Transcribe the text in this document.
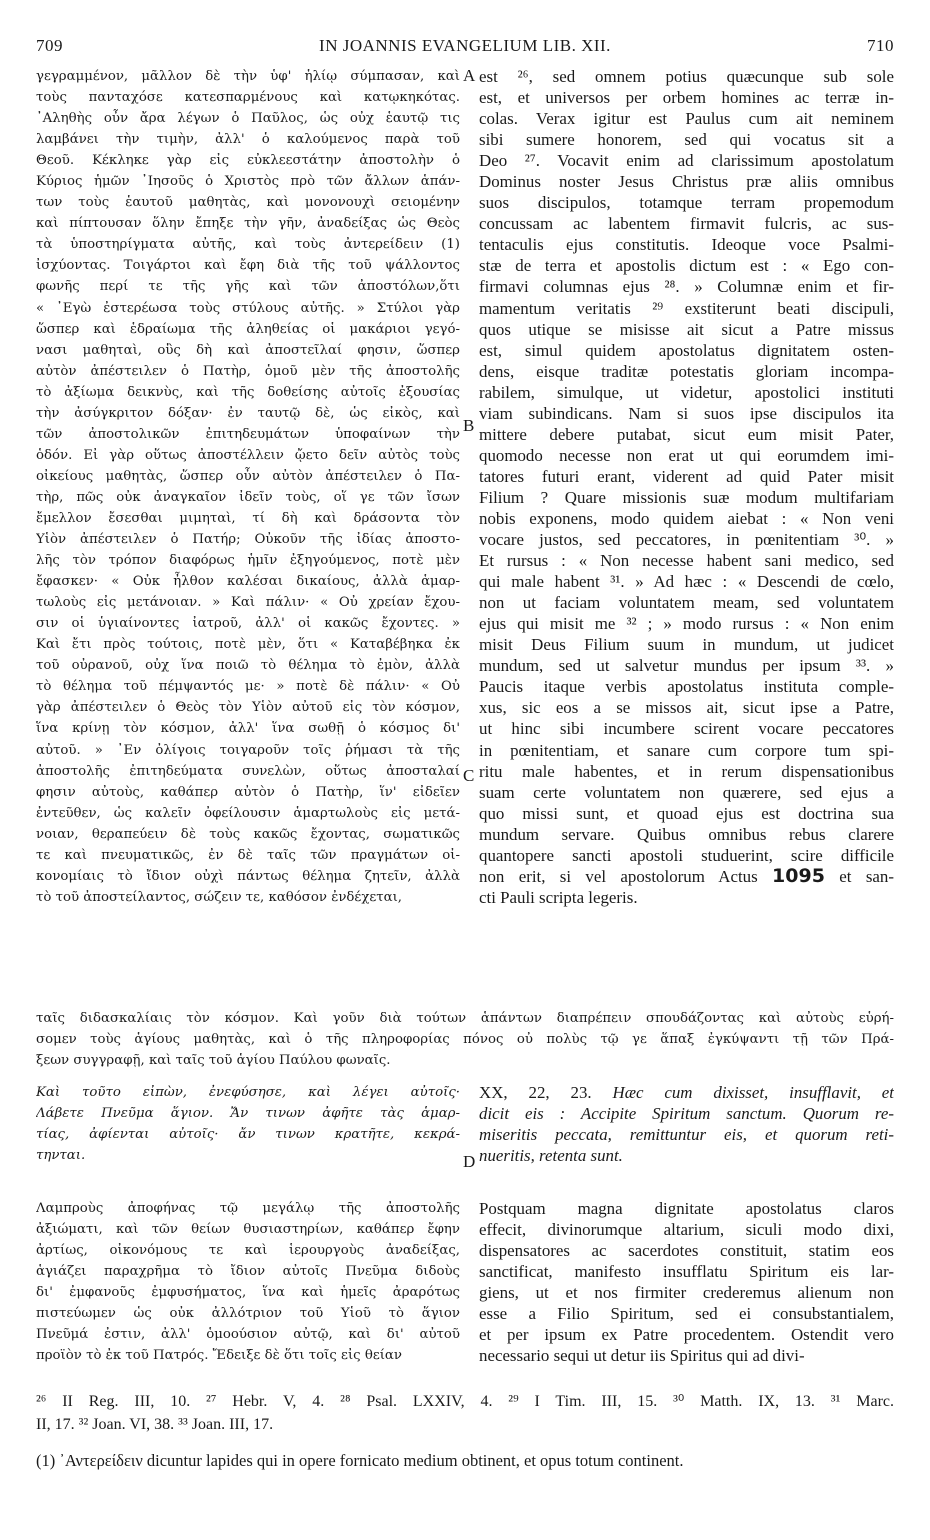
709	IN JOANNIS EVANGELIUM LIB. XII.	710
γεγραμμένον, μᾶλλον δὲ τὴν ὑφ' ἡλίῳ σύμπασαν, καὶ
τοὺς πανταχόσε κατεσπαρμένους καὶ κατῳκηκότας.
᾿Αληθὴς οὖν ἄρα λέγων ὁ Παῦλος, ὡς οὐχ ἑαυτῷ τις
λαμβάνει τὴν τιμὴν, ἀλλ' ὁ καλούμενος παρὰ τοῦ
Θεοῦ. Κέκληκε γὰρ εἰς εὐκλεεστάτην ἀποστολὴν ὁ
Κύριος ἡμῶν ᾿Ιησοῦς ὁ Χριστὸς πρὸ τῶν ἄλλων ἁπάν-
των τοὺς ἑαυτοῦ μαθητὰς, καὶ μονονουχὶ σειομένην
καὶ πίπτουσαν ὅλην ἔπηξε τὴν γῆν, ἀναδείξας ὡς Θεὸς
τὰ ὑποστηρίγματα αὐτῆς, καὶ τοὺς ἀντερείδειν (1)
ἰσχύοντας. Τοιγάρτοι καὶ ἔφη διὰ τῆς τοῦ ψάλλοντος
φωνῆς περί τε τῆς γῆς καὶ τῶν ἀποστόλων,ὅτι
« ᾿Εγὼ ἐστερέωσα τοὺς στύλους αὐτῆς. » Στύλοι γὰρ
ὥσπερ καὶ ἑδραίωμα τῆς ἀληθείας οἱ μακάριοι γεγό-
νασι μαθηταὶ, οὓς δὴ καὶ ἀποστεῖλαί φησιν, ὥσπερ
αὐτὸν ἀπέστειλεν ὁ Πατὴρ, ὁμοῦ μὲν τῆς ἀποστολῆς
τὸ ἀξίωμα δεικνὺς, καὶ τῆς δοθείσης αὐτοῖς ἐξουσίας
τὴν ἀσύγκριτον δόξαν· ἐν ταυτῷ δὲ, ὡς εἰκὸς, καὶ
τῶν ἀποστολικῶν ἐπιτηδευμάτων ὑποφαίνων τὴν
ὁδόν. Εἰ γὰρ οὕτως ἀποστέλλειν ᾤετο δεῖν αὐτὸς τοὺς
οἰκείους μαθητὰς, ὥσπερ οὖν αὐτὸν ἀπέστειλεν ὁ Πα-
τὴρ, πῶς οὐκ ἀναγκαῖον ἰδεῖν τοὺς, οἵ γε τῶν ἴσων
ἔμελλον ἔσεσθαι μιμηταὶ, τί δὴ καὶ δράσοντα τὸν
Υἱὸν ἀπέστειλεν ὁ Πατήρ; Οὐκοῦν τῆς ἰδίας ἀποστο-
λῆς τὸν τρόπον διαφόρως ἡμῖν ἐξηγούμενος, ποτὲ μὲν
ἔφασκεν· « Οὐκ ἦλθον καλέσαι δικαίους, ἀλλὰ ἁμαρ-
τωλοὺς εἰς μετάνοιαν. » Καὶ πάλιν· « Οὐ χρείαν ἔχου-
σιν οἱ ὑγιαίνοντες ἰατροῦ, ἀλλ' οἱ κακῶς ἔχοντες. »
Καὶ ἔτι πρὸς τούτοις, ποτὲ μὲν, ὅτι « Καταβέβηκα ἐκ
τοῦ οὐρανοῦ, οὐχ ἵνα ποιῶ τὸ θέλημα τὸ ἐμὸν, ἀλλὰ
τὸ θέλημα τοῦ πέμψαντός με· » ποτὲ δὲ πάλιν· « Οὐ
γὰρ ἀπέστειλεν ὁ Θεὸς τὸν Υἱὸν αὐτοῦ εἰς τὸν κόσμον,
ἵνα κρίνῃ τὸν κόσμον, ἀλλ' ἵνα σωθῇ ὁ κόσμος δι'
αὐτοῦ. » ᾿Εν ὀλίγοις τοιγαροῦν τοῖς ῥήμασι τὰ τῆς
ἀποστολῆς ἐπιτηδεύματα συνελὼν, οὕτως ἀποσταλαί
φησιν αὐτοὺς, καθάπερ αὐτὸν ὁ Πατὴρ, ἵν' εἰδεῖεν
ἐντεῦθεν, ὡς καλεῖν ὀφείλουσιν ἁμαρτωλοὺς εἰς μετά-
νοιαν, θεραπεύειν δὲ τοὺς κακῶς ἔχοντας, σωματικῶς
τε καὶ πνευματικῶς, ἐν δὲ ταῖς τῶν πραγμάτων οἰ-
κονομίαις τὸ ἴδιον οὐχὶ πάντως θέλημα ζητεῖν, ἀλλὰ
τὸ τοῦ ἀποστείλαντος, σώζειν τε, καθόσον ἐνδέχεται,
est ²⁶, sed omnem potius quæcunque sub sole
est, et universos per orbem homines ac terræ in-
colas. Verax igitur est Paulus cum ait neminem
sibi sumere honorem, sed qui vocatus sit a
Deo ²⁷. Vocavit enim ad clarissimum apostolatum
Dominus noster Jesus Christus præ aliis omnibus
suos discipulos, totamque terram propemodum
concussam ac labentem firmavit fulcris, ac sus-
tentaculis ejus constitutis. Ideoque voce Psalmi-
stæ de terra et apostolis dictum est : « Ego con-
firmavi columnas ejus ²⁸. » Columnæ enim et fir-
mamentum veritatis ²⁹ exstiterunt beati discipuli,
quos utique se misisse ait sicut a Patre missus
est, simul quidem apostolatus dignitatem osten-
dens, eisque traditæ potestatis gloriam incompa-
rabilem, simulque, ut videtur, apostolici instituti
viam subindicans. Nam si suos ipse discipulos ita
mittere debere putabat, sicut eum misit Pater,
quomodo necesse non erat ut qui eorumdem imi-
tatores futuri erant, viderent ad quid Pater misit
Filium ? Quare missionis suæ modum multifariam
nobis exponens, modo quidem aiebat : « Non veni
vocare justos, sed peccatores, in pœnitentiam ³⁰. »
Et rursus : « Non necesse habent sani medico, sed
qui male habent ³¹. » Ad hæc : « Descendi de cœlo,
non ut faciam voluntatem meam, sed voluntatem
ejus qui misit me ³² ; » modo rursus : « Non enim
misit Deus Filium suum in mundum, ut judicet
mundum, sed ut salvetur mundus per ipsum ³³. »
Paucis itaque verbis apostolatus instituta comple-
xus, sic eos a se missos ait, sicut ipse a Patre,
ut hinc sibi incumbere scirent vocare peccatores
in pœnitentiam, et sanare cum corpore tum spi-
ritu male habentes, et in rerum dispensationibus
suam certe voluntatem non quærere, sed ejus a
quo missi sunt, et quoad ejus est doctrina sua
mundum servare. Quibus omnibus rebus clarere
quantopere sancti apostoli studuerint, scire difficile
non erit, si vel apostolorum Actus 1095 et san-
cti Pauli scripta legeris.
A
B
C
D
ταῖς διδασκαλίαις τὸν κόσμον. Καὶ γοῦν διὰ τούτων ἁπάντων διαπρέπειν σπουδάζοντας καὶ αὐτοὺς εὑρή-
σομεν τοὺς ἁγίους μαθητὰς, καὶ ὁ τῆς πληροφορίας πόνος οὐ πολὺς τῷ γε ἅπαξ ἐγκύψαντι τῇ τῶν Πρά-
ξεων συγγραφῇ, καὶ ταῖς τοῦ ἁγίου Παύλου φωναῖς.
Καὶ τοῦτο εἰπὼν, ἐνεφύσησε, καὶ λέγει αὐτοῖς·
Λάβετε Πνεῦμα ἅγιον. Ἄν τινων ἀφῆτε τὰς ἁμαρ-
τίας, ἀφίενται αὐτοῖς· ἄν τινων κρατῆτε, κεκρά-
τηνται.
XX, 22, 23. Hæc cum dixisset, insufflavit, et
dicit eis : Accipite Spiritum sanctum. Quorum re-
miseritis peccata, remittuntur eis, et quorum reti-
nueritis, retenta sunt.
Λαμπροὺς ἀποφήνας τῷ μεγάλῳ τῆς ἀποστολῆς
ἀξιώματι, καὶ τῶν θείων θυσιαστηρίων, καθάπερ ἔφην
ἀρτίως, οἰκονόμους τε καὶ ἱερουργοὺς ἀναδείξας,
ἁγιάζει παραχρῆμα τὸ ἴδιον αὐτοῖς Πνεῦμα διδοὺς
δι' ἐμφανοῦς ἐμφυσήματος, ἵνα καὶ ἡμεῖς ἀραρότως
πιστεύωμεν ὡς οὐκ ἀλλότριον τοῦ Υἱοῦ τὸ ἅγιον
Πνεῦμά ἐστιν, ἀλλ' ὁμοούσιον αὐτῷ, καὶ δι' αὐτοῦ
προϊὸν τὸ ἐκ τοῦ Πατρός. Ἔδειξε δὲ ὅτι τοῖς εἰς θείαν
Postquam magna dignitate apostolatus claros
effecit, divinorumque altarium, siculi modo dixi,
dispensatores ac sacerdotes constituit, statim eos
sanctificat, manifesto insufflatu Spiritum eis lar-
giens, ut et nos firmiter crederemus alienum non
esse a Filio Spiritum, sed ei consubstantialem,
et per ipsum ex Patre procedentem. Ostendit vero
necessario sequi ut detur iis Spiritus qui ad divi-
²⁶ II Reg. III, 10. ²⁷ Hebr. V, 4. ²⁸ Psal. LXXIV, 4. ²⁹ I Tim. III, 15. ³⁰ Matth. IX, 13. ³¹ Marc.
II, 17. ³² Joan. VI, 38. ³³ Joan. III, 17.
(1) ᾿Αντερείδειν dicuntur lapides qui in opere fornicato medium obtinent, et opus totum continent.
